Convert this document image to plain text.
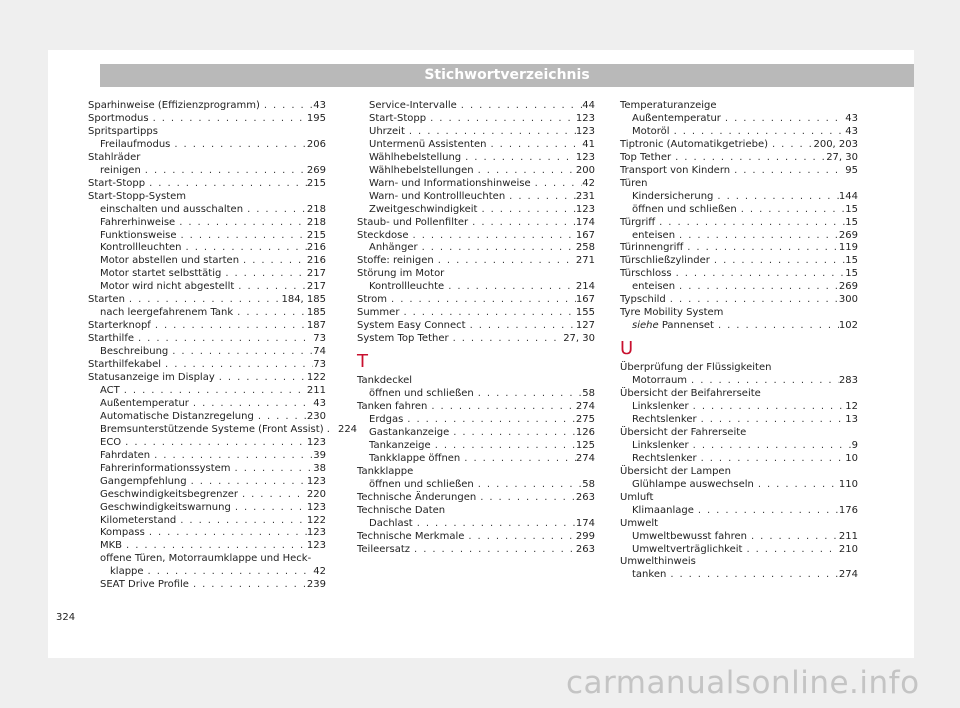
Stichwortverzeichnis
Sparhinweise (Effizienzprogramm) . . .	43
Sportmodus . . .	195
Spritspartipps
Freilaufmodus . . .	206
Stahlräder
reinigen . . .	269
Start-Stopp . . .	215
Start-Stopp-System
einschalten und ausschalten . . .	218
Fahrerhinweise . . .	218
Funktionsweise . . .	215
Kontrollleuchten . . .	216
Motor abstellen und starten . . .	216
Motor startet selbsttätig . . .	217
Motor wird nicht abgestellt . . .	217
Starten . . .	184, 185
nach leergefahrenem Tank . . .	185
Starterknopf . . .	187
Starthilfe . . .	73
Beschreibung . . .	74
Starthilfekabel . . .	73
Statusanzeige im Display . . .	122
ACT . . .	211
Außentemperatur . . .	43
Automatische Distanzregelung . . .	230
Bremsunterstützende Systeme (Front Assist) . 224
ECO . . .	123
Fahrdaten . . .	39
Fahrerinformationssystem . . .	38
Gangempfehlung . . .	123
Geschwindigkeitsbegrenzer . . .	220
Geschwindigkeitswarnung . . .	123
Kilometerstand . . .	122
Kompass . . .	123
MKB . . .	123
offene Türen, Motorraumklappe und Heck-
klappe . . .	42
SEAT Drive Profile . . .	239
Service-Intervalle . . .	44
Start-Stopp . . .	123
Uhrzeit . . .	123
Untermenü Assistenten . . .	41
Wählhebelstellung . . .	123
Wählhebelstellungen . . .	200
Warn- und Informationshinweise . . .	42
Warn- und Kontrollleuchten . . .	231
Zweitgeschwindigkeit . . .	123
Staub- und Pollenfilter . . .	174
Steckdose . . .	167
Anhänger . . .	258
Stoffe: reinigen . . .	271
Störung im Motor
Kontrollleuchte . . .	214
Strom . . .	167
Summer . . .	155
System Easy Connect . . .	127
System Top Tether . . .	27, 30
T
Tankdeckel
öffnen und schließen . . .	58
Tanken fahren . . .	274
Erdgas . . .	275
Gastankanzeige . . .	126
Tankanzeige . . .	125
Tankklappe öffnen . . .	274
Tankklappe
öffnen und schließen . . .	58
Technische Änderungen . . .	263
Technische Daten
Dachlast . . .	174
Technische Merkmale . . .	299
Teileersatz . . .	263
Temperaturanzeige
Außentemperatur . . .	43
Motoröl . . .	43
Tiptronic (Automatikgetriebe) . . .	200, 203
Top Tether . . .	27, 30
Transport von Kindern . . .	95
Türen
Kindersicherung . . .	144
öffnen und schließen . . .	15
Türgriff . . .	15
enteisen . . .	269
Türinnengriff . . .	119
Türschließzylinder . . .	15
Türschloss . . .	15
enteisen . . .	269
Typschild . . .	300
Tyre Mobility System
siehe Pannenset . . .	102
U
Überprüfung der Flüssigkeiten
Motorraum . . .	283
Übersicht der Beifahrerseite
Linkslenker . . .	12
Rechtslenker . . .	13
Übersicht der Fahrerseite
Linkslenker . . .	9
Rechtslenker . . .	10
Übersicht der Lampen
Glühlampe auswechseln . . .	110
Umluft
Klimaanlage . . .	176
Umwelt
Umweltbewusst fahren . . .	211
Umweltverträglichkeit . . .	210
Umwelthinweis
tanken . . .	274
324
carmanualsonline.info
